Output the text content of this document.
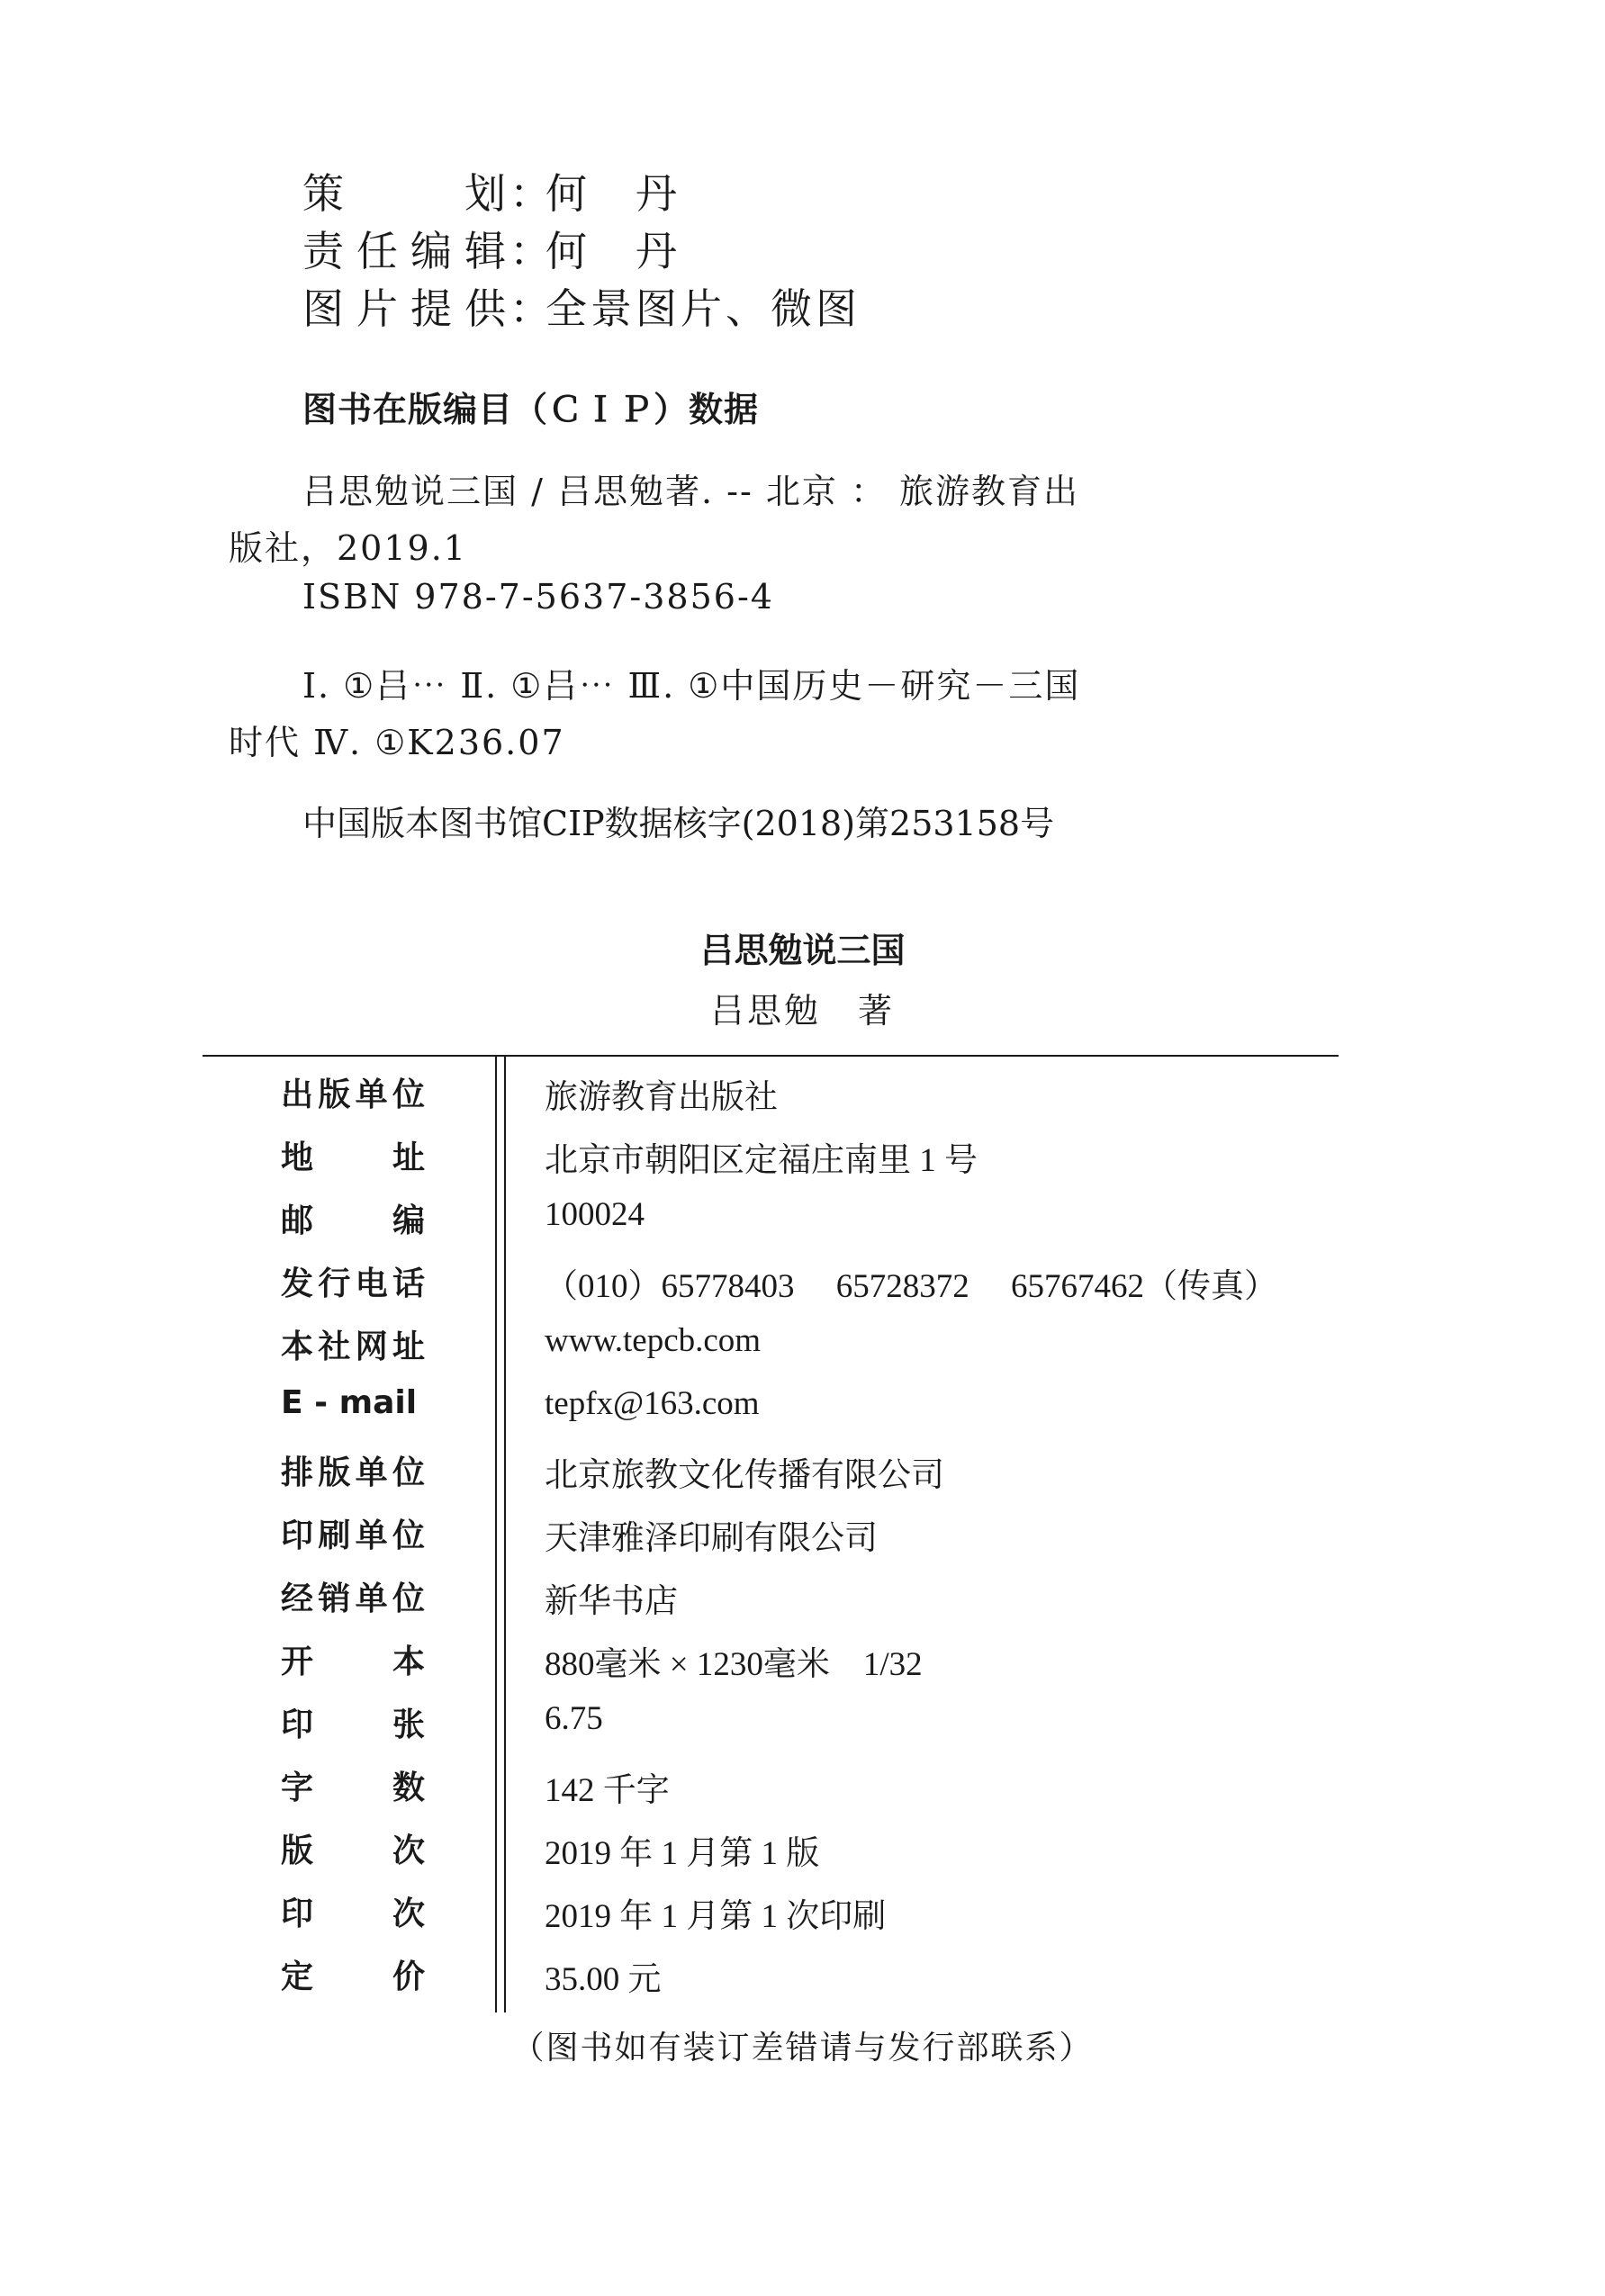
策　　划：何　丹
责任编辑：何　丹
图片提供：全景图片、微图
图书在版编目（ＣＩＰ）数据
吕思勉说三国 / 吕思勉著. -- 北京 ： 旅游教育出
版社，2019.1
ISBN 978-7-5637-3856-4
Ⅰ. ①吕⋯ Ⅱ. ①吕⋯ Ⅲ. ①中国历史－研究－三国
时代 Ⅳ. ①K236.07
中国版本图书馆CIP数据核字(2018)第253158号
吕思勉说三国
吕思勉　著
出版单位	旅游教育出版社
地　　址	北京市朝阳区定福庄南里 1 号
邮　　编	100024
发行电话	（010）65778403　 65728372 　65767462（传真）
本社网址	www.tepcb.com
E - mail	tepfx@163.com
排版单位	北京旅教文化传播有限公司
印刷单位	天津雅泽印刷有限公司
经销单位	新华书店
开　　本	880毫米 × 1230毫米　1/32
印　　张	6.75
字　　数	142 千字
版　　次	2019 年 1 月第 1 版
印　　次	2019 年 1 月第 1 次印刷
定　　价	35.00 元
（图书如有装订差错请与发行部联系）
